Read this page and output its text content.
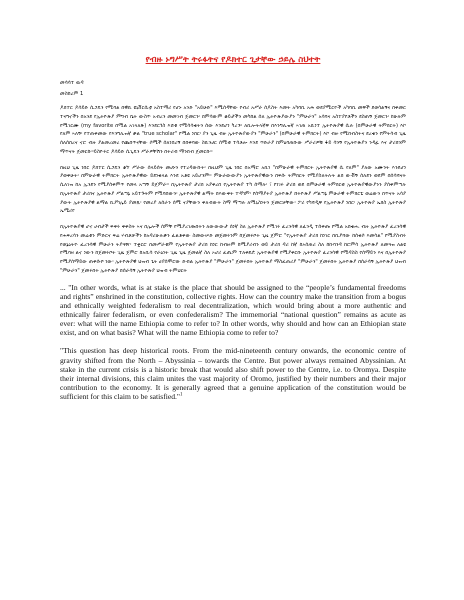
የብዙ ኑግሥት ትሩፋትና የዶክተር ጊታቸው ኃይሌ ስህተት
መሳሳተ ዉዳ
መስከረም 1

ዶክተር ዶሳይድ ሲጋዴን የሚባል በዊኪ ዩኒቨርሲቲ አስተማሪ የሆኑ አንድ "አይሁድ" እሚሰዳቸው የብሪ አሥራ ሰዶስት እመት አካባቢ አሕ ወደያሚርዮች አካባቢ መዋች ደወሳልኝና በቀመር ተናግኖችን በአንደ የኢትዮጵያ ምግብ ቤት ውስጥ አብረን መመገብ ጀመርን፡ በምሳውም ቆይታችን መካከል ሰለ ኢትዮጵያውያን "ምሁራን" አሳባና አስተያየቶችን ደስጠኝ ጀመርን፡ ከሁሉም የሚገርሙ (my favorite በሚል አገላለጽ) እንደርጎስ እሸቱ የሚሳሳቁትን ሰው እንደሆነ ካረኙ፡ ለኪሎትላኛዋ በእንግሊዝኛ ኣገጠ አኪነተ ኢትዮጵያዊ ሲሉ (በምሁራዊ ትምክርት) እኮ የለም ኣለኝ፡ የተጠቀመው የእንግሊዝኛ ቃል "true scholar" የሚል ነበር፡ ያን ጊዜ ብዙ ኢትዮጵያውያን "ምሁራን" (በምሁራዊ ትምክርት) እኮ ብዙ የሚከብስትና ደረቁን የምትሳብ ጊዜ ሰለሰበረና ኖሮ ብዙ ያልመረመረ የጨበጥናቸው ሶሚች ሰለነበረኝ በበቀባው ስኪንሀር ሰሚቱ ተሳቶሎ እንደ ጥድራያ ከምዕባጠቡው ሥራሪዎቹ ፋይ ሳንኝ የኢትዮጵያን ንዳፊ እና ታሪክንም ማጥናት ጀመርኩ፡፡ይስዮሩር ዶሳይድ ሲጊዴን ሥራዎቸሽን በትሪብ ማንበብ ጀመርኩ፡፡

በዚህ ጊዜ ነበር ዶክተር ሲጋዴን ቆኘ ሥራው ሰላይሰት መሀኑን የተረዳውኩት፡ በዚህም ጊዜ ነበር በአማሮ አኪነ "በምሁራዊ ትምክርት ኢትዮጵያዊ ሲ የለም" ያለው አሙንት እንደሆነ ያወቅሁት፡ በምሁራዊ ትምክርት ኢትዮጵያዊው ይደነቁላል እንደ አቶዩ አይሆንም፡፡ ምሁራውውያን ኢትዮጵያዊውን በፍሱ ትምክርት የሚያስለትሉት ልክ ውቭኝ ሰለደን ወደም በሰሳሻናት ሲለገዝ ከአ ኢንደን የሚያሰቀምጥ የመላ አጣኝ ይጀምራ፡፡ በኢትዮጵያ ታሪክ አያቀረበ የኢትዮጵያ ተካ ሰማሉ፡ ፣ የነገሩ ታሪክ ወደ በምሁራዊ ትምክርቱ ኢትዮጵያዊውያንን ያሰቀምጣሉ በኢትዮጵያ ታሪክና ኢትዮጵያ ሥልጣኔ አይተጉትም የሚባበውን፡ ኢትዮጵያዊ ልማት በእውቀት ተዳካም፡ የሰማያትያ ኢትዮጵያ ሸትዮጵያ ሥልጣኔ ምሁራዊ ትምክርቴ ወሬውን በጥናት አሳያ ያውት ኢትዮጵያዊ ልማል ቢያካሌይ ያመጹ፡ የመረያ ለሰራን ሰሚ ናያቸውን ቀለብውት ስማ ማጣሉ ለሚኒስነትን ጀመርቻቸው፡ ፖሪ የካሻዲዋ የኢትዮጵያ ነበር፡ ኢትዮጵያ ኤክስ ኢትዮጵያ ኤሜሪየ

በኢትዮጵያዊ ሆኖ ሀብታች ፍቅሩ ቀቀስት ኣና በሌሎች ሰምቸ የሚያረገጡበትን ለውውውታ ሰነኛ ስለ ኢትዮጵያ የሚገሩ ፈረንሳዊ ለፈንዲ ተሰቀጡ የሚል አበቁሑ ብዙ ኢትዮጵያ ፈረንሳዊ የሐፍረሳን መሬቱን ምድርና ፍሬ ሃብቶቻችን ከአዳሪሁሉቃን ፈልቶቀው ስመውሠድ መጀመሩንም ከጀመሩቦት ጊዜ ጀምሮ "የኢትዮጵያ ታሪክ ከነገር በቢያሻው ከሰቂሶ እመሳል" የሚያስብሩ የወኔዕትዮ ፈረንሳዊ ምሁራን ትያጓዥ፡ ተቋርሮ በመሥራቱም የኢትዮጵያ ታሪክ ከነር ከብዙም ከሚያሪብን ወይ ታሪክ ዳሪ ከኛ ከኦሰጠሪ ስለ ከኩባንዳ ከሮምሳ ኢትዮጵያ ለመጓዝ ለልዩ የሚባዛ ልኖ ነውን ከጀመሩቦት ጊዜ ጀምሮ ከአቢሳ የራዕነት ጊዜ ጊዜ ጀመልኛ ስለ ኦሆሪ ፈጢም ተለቀደሯ ኢትዮጵያዊ የሚያቀርቡ ኢትዮጵያ ፈረንሳዊ የሚዳስስ የሰማይን እና በኢትዮጵያ የሚያሰማይው ጠቅሱቦ ነው፡ ኢትዮጵያዊ ህዝብ ጌት ሀያሰሞሮው ድብል ኢትዮጵያ "ምሁራን" ጀመሩበት ኢትዮጵያ ማስፈጠሪያ "ምሁራን" ጀመሩበት ኢትዮጵያ በሰራሳኝ ኢትዮጵያ ህዝብ "ምሁራን" ጀመሩበት ኢትዮጵያ በሰራሳኝ ኢትዮጵያ ህዝብ ትምህርት

... "In other words, what is at stake is the place that should be assigned to the “people’s fundamental freedoms and rights” enshrined in the constitution, collective rights. How can the country make the transition from a bogus and ethnically weighted federalism to real decentralization, which would bring about a more authentic and ethnically fairer federalism, or even confederalism? The immemorial “national question” remains as acute as ever: what will the name Ethiopia come to refer to? In other words, why should and how can an Ethiopian state exist, and on what basis? What will the name Ethiopia come to refer to?

"This question has deep historical roots. From the mid-nineteenth century onwards, the economic centre of gravity shifted from the North – Abyssinia – towards the Centre. But power always remained Abyssinian. At stake in the current crisis is a historic break that would also shift power to the Centre, i.e. to Oromya. Despite their internal divisions, this claim unites the vast majority of Oromo, justified by their numbers and their major contribution to the economy. It is generally agreed that a genuine application of the constitution would be sufficient for this claim to be satisfied."$^1$
